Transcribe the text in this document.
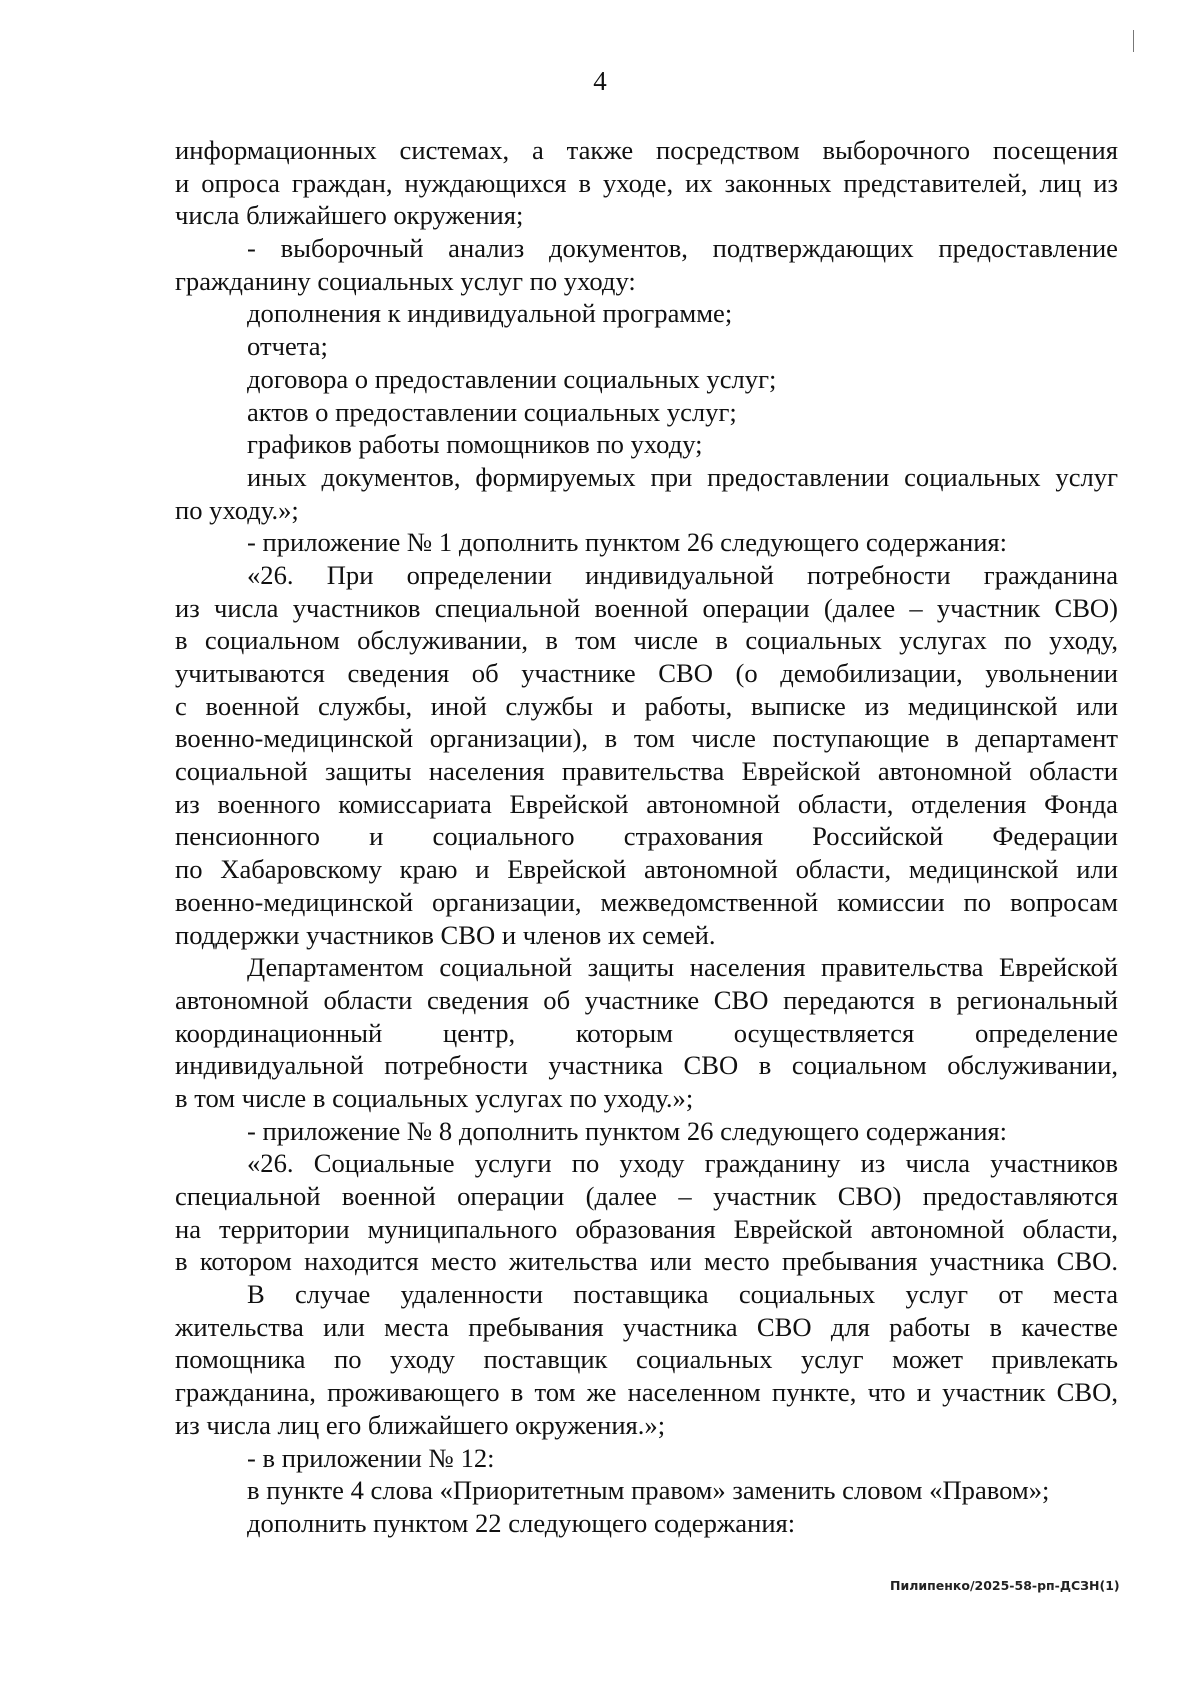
4
информационных системах, а также посредством выборочного посещения
и опроса граждан, нуждающихся в уходе, их законных представителей, лиц из
числа ближайшего окружения;
- выборочный анализ документов, подтверждающих предоставление
гражданину социальных услуг по уходу:
дополнения к индивидуальной программе;
отчета;
договора о предоставлении социальных услуг;
актов о предоставлении социальных услуг;
графиков работы помощников по уходу;
иных документов, формируемых при предоставлении социальных услуг
по уходу.»;
- приложение № 1 дополнить пунктом 26 следующего содержания:
«26. При определении индивидуальной потребности гражданина
из числа участников специальной военной операции (далее – участник СВО)
в социальном обслуживании, в том числе в социальных услугах по уходу,
учитываются сведения об участнике СВО (о демобилизации, увольнении
с военной службы, иной службы и работы, выписке из медицинской или
военно-медицинской организации), в том числе поступающие в департамент
социальной защиты населения правительства Еврейской автономной области
из военного комиссариата Еврейской автономной области, отделения Фонда
пенсионного и социального страхования Российской Федерации
по Хабаровскому краю и Еврейской автономной области, медицинской или
военно-медицинской организации, межведомственной комиссии по вопросам
поддержки участников СВО и членов их семей.
Департаментом социальной защиты населения правительства Еврейской
автономной области сведения об участнике СВО передаются в региональный
координационный центр, которым осуществляется определение
индивидуальной потребности участника СВО в социальном обслуживании,
в том числе в социальных услугах по уходу.»;
- приложение № 8 дополнить пунктом 26 следующего содержания:
«26. Социальные услуги по уходу гражданину из числа участников
специальной военной операции (далее – участник СВО) предоставляются
на территории муниципального образования Еврейской автономной области,
в котором находится место жительства или место пребывания участника СВО.
В случае удаленности поставщика социальных услуг от места
жительства или места пребывания участника СВО для работы в качестве
помощника по уходу поставщик социальных услуг может привлекать
гражданина, проживающего в том же населенном пункте, что и участник СВО,
из числа лиц его ближайшего окружения.»;
- в приложении № 12:
в пункте 4 слова «Приоритетным правом» заменить словом «Правом»;
дополнить пунктом 22 следующего содержания:
Пилипенко/2025-58-рп-ДСЗН(1)
